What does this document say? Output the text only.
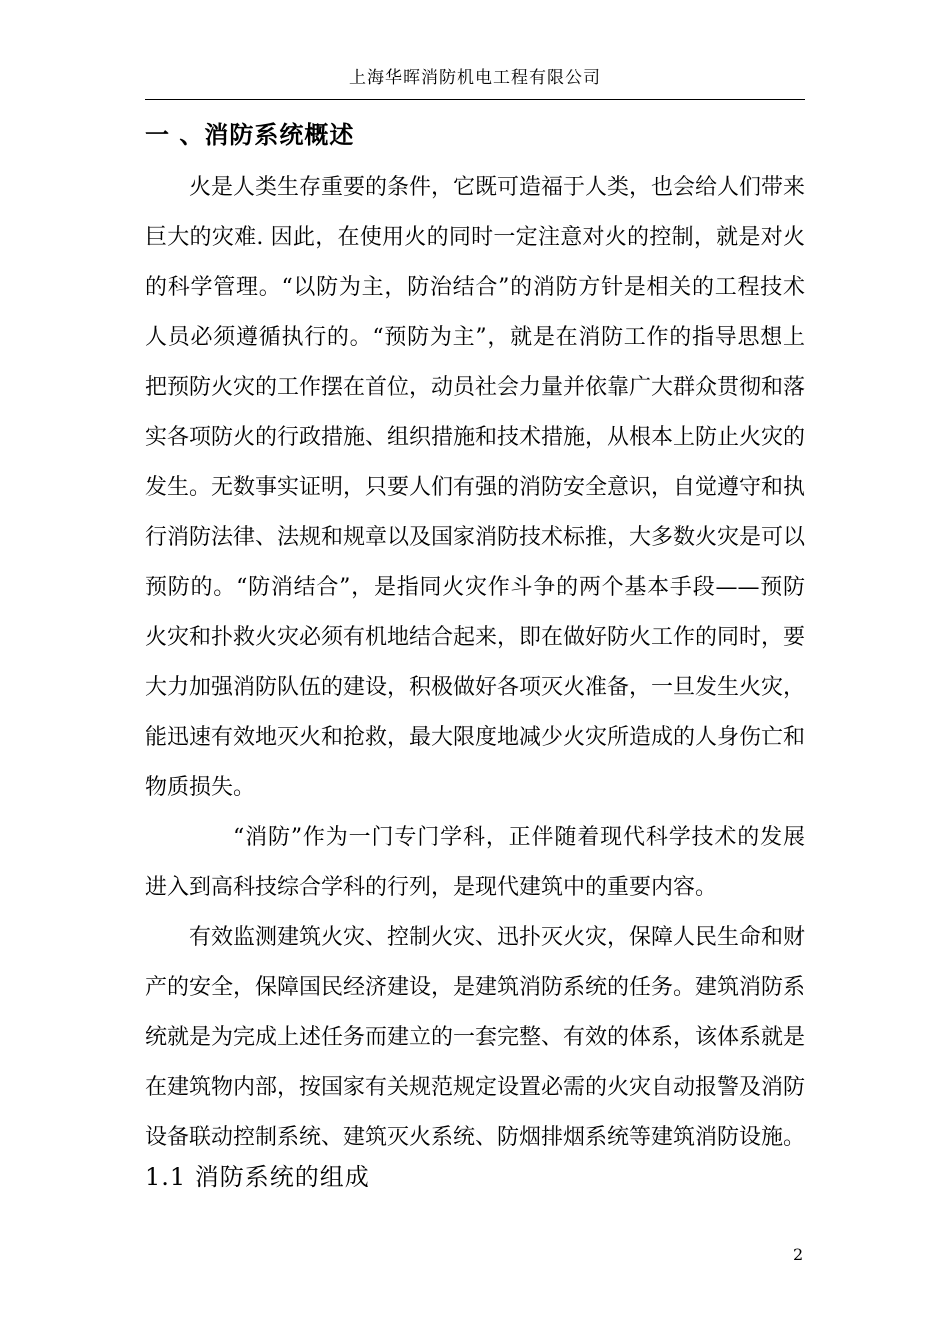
上海华晖消防机电工程有限公司
一 、消防系统概述

火是人类生存重要的条件，它既可造福于人类，也会给人们带来巨大的灾难. 因此，在使用火的同时一定注意对火的控制，就是对火的科学管理。“以防为主，防治结合”的消防方针是相关的工程技术人员必须遵循执行的。“预防为主”，就是在消防工作的指导思想上把预防火灾的工作摆在首位，动员社会力量并依靠广大群众贯彻和落实各项防火的行政措施、组织措施和技术措施，从根本上防止火灾的发生。无数事实证明，只要人们有强的消防安全意识，自觉遵守和执行消防法律、法规和规章以及国家消防技术标推，大多数火灾是可以预防的。“防消结合”，是指同火灾作斗争的两个基本手段——预防火灾和扑救火灾必须有机地结合起来，即在做好防火工作的同时，要大力加强消防队伍的建设，积极做好各项灭火准备，一旦发生火灾，能迅速有效地灭火和抢救，最大限度地减少火灾所造成的人身伤亡和物质损失。

“消防”作为一门专门学科，正伴随着现代科学技术的发展进入到高科技综合学科的行列，是现代建筑中的重要内容。

有效监测建筑火灾、控制火灾、迅扑灭火灾，保障人民生命和财产的安全，保障国民经济建设，是建筑消防系统的任务。建筑消防系统就是为完成上述任务而建立的一套完整、有效的体系，该体系就是在建筑物内部，按国家有关规范规定设置必需的火灾自动报警及消防设备联动控制系统、建筑灭火系统、防烟排烟系统等建筑消防设施。

1.1 消防系统的组成
2
